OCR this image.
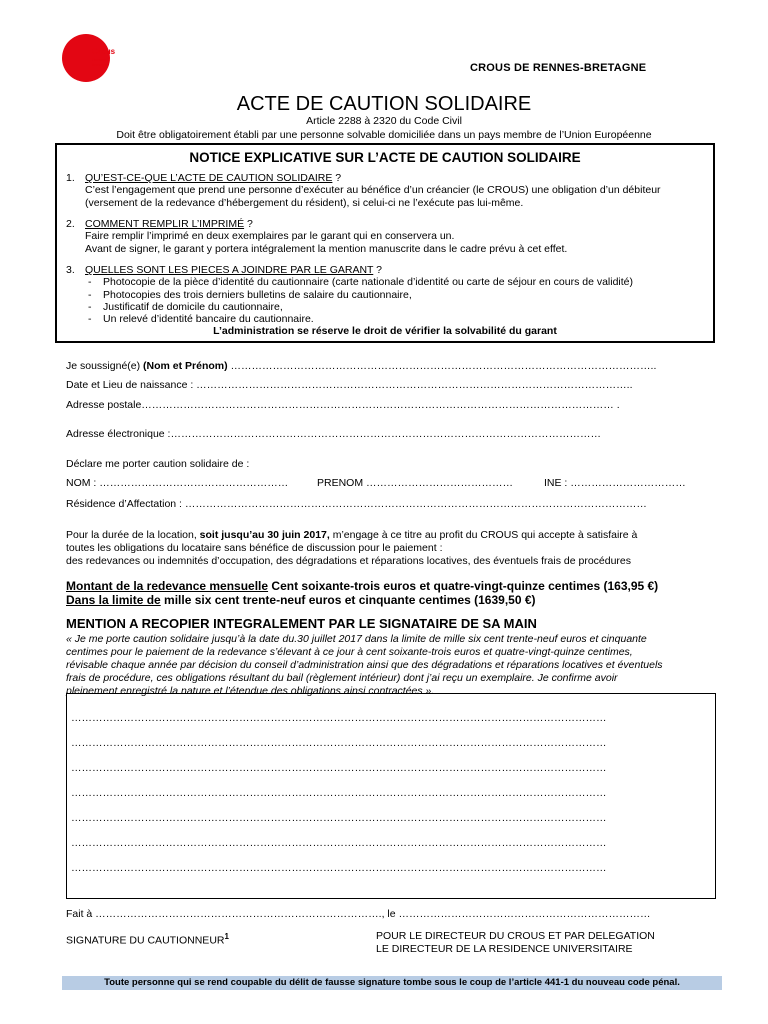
Crous
Rennes
Bretagne	CROUS DE RENNES-BRETAGNE
ACTE DE CAUTION SOLIDAIRE
Article 2288 à 2320 du Code Civil
Doit être obligatoirement établi par une personne solvable domiciliée dans un pays membre de l’Union Européenne
NOTICE EXPLICATIVE SUR L’ACTE DE CAUTION SOLIDAIRE
1. QU’EST-CE-QUE L’ACTE DE CAUTION SOLIDAIRE ?
C’est l’engagement que prend une personne d’exécuter au bénéfice d’un créancier (le CROUS) une obligation d’un débiteur
(versement de la redevance d’hébergement du résident), si celui-ci ne l’exécute pas lui-même.
2. COMMENT REMPLIR L’IMPRIMÉ ?
Faire remplir l’imprimé en deux exemplaires par le garant qui en conservera un.
Avant de signer, le garant y portera intégralement la mention manuscrite dans le cadre prévu à cet effet.
3. QUELLES SONT LES PIECES A JOINDRE PAR LE GARANT ?
- Photocopie de la pièce d’identité du cautionnaire (carte nationale d’identité ou carte de séjour en cours de validité)
- Photocopies des trois derniers bulletins de salaire du cautionnaire,
- Justificatif de domicile du cautionnaire,
- Un relevé d’identité bancaire du cautionnaire.
L’administration se réserve le droit de vérifier la solvabilité du garant
Je soussigné(e) (Nom et Prénom) …………………………………………………………………………………………………………..
Date et Lieu de naissance : ……………………………………………………………………………………………………………..
Adresse postale……………………………………………………………………………………………………………………… .
Adresse électronique :……………………………………………………………………………………………………………
Déclare me porter caution solidaire de :
NOM : ………………………………………………	PRENOM ……………………………………	INE : ……………………………
Résidence d’Affectation : ……………………………………………………………………………………………………………………
Pour la durée de la location, soit jusqu’au 30 juin 2017, m’engage à ce titre au profit du CROUS qui accepte à satisfaire à
toutes les obligations du locataire sans bénéfice de discussion pour le paiement :
des redevances ou indemnités d’occupation, des dégradations et réparations locatives, des éventuels frais de procédures
Montant de la redevance mensuelle Cent soixante-trois euros et quatre-vingt-quinze centimes (163,95 €)
Dans la limite de mille six cent trente-neuf euros et cinquante centimes (1639,50 €)
MENTION A RECOPIER INTEGRALEMENT PAR LE SIGNATAIRE DE SA MAIN
« Je me porte caution solidaire jusqu’à la date du.30 juillet 2017 dans la limite de mille six cent trente-neuf euros et cinquante
centimes pour le paiement de la redevance s’élevant à ce jour à cent soixante-trois euros et quatre-vingt-quinze centimes,
révisable chaque année par décision du conseil d’administration ainsi que des dégradations et réparations locatives et éventuels
frais de procédure, ces obligations résultant du bail (règlement intérieur) dont j’ai reçu un exemplaire. Je confirme avoir
pleinement enregistré la nature et l’étendue des obligations ainsi contractées ».
………………………………………………………………………………………………………………………………………
………………………………………………………………………………………………………………………………………
………………………………………………………………………………………………………………………………………
………………………………………………………………………………………………………………………………………
………………………………………………………………………………………………………………………………………
………………………………………………………………………………………………………………………………………
………………………………………………………………………………………………………………………………………
Fait à ………………………………………………………………………., le ………………………………………………………………
SIGNATURE DU CAUTIONNEUR$^1$	POUR LE DIRECTEUR DU CROUS ET PAR DELEGATION
LE DIRECTEUR DE LA RESIDENCE UNIVERSITAIRE
Toute personne qui se rend coupable du délit de fausse signature tombe sous le coup de l’article 441-1 du nouveau code pénal.
